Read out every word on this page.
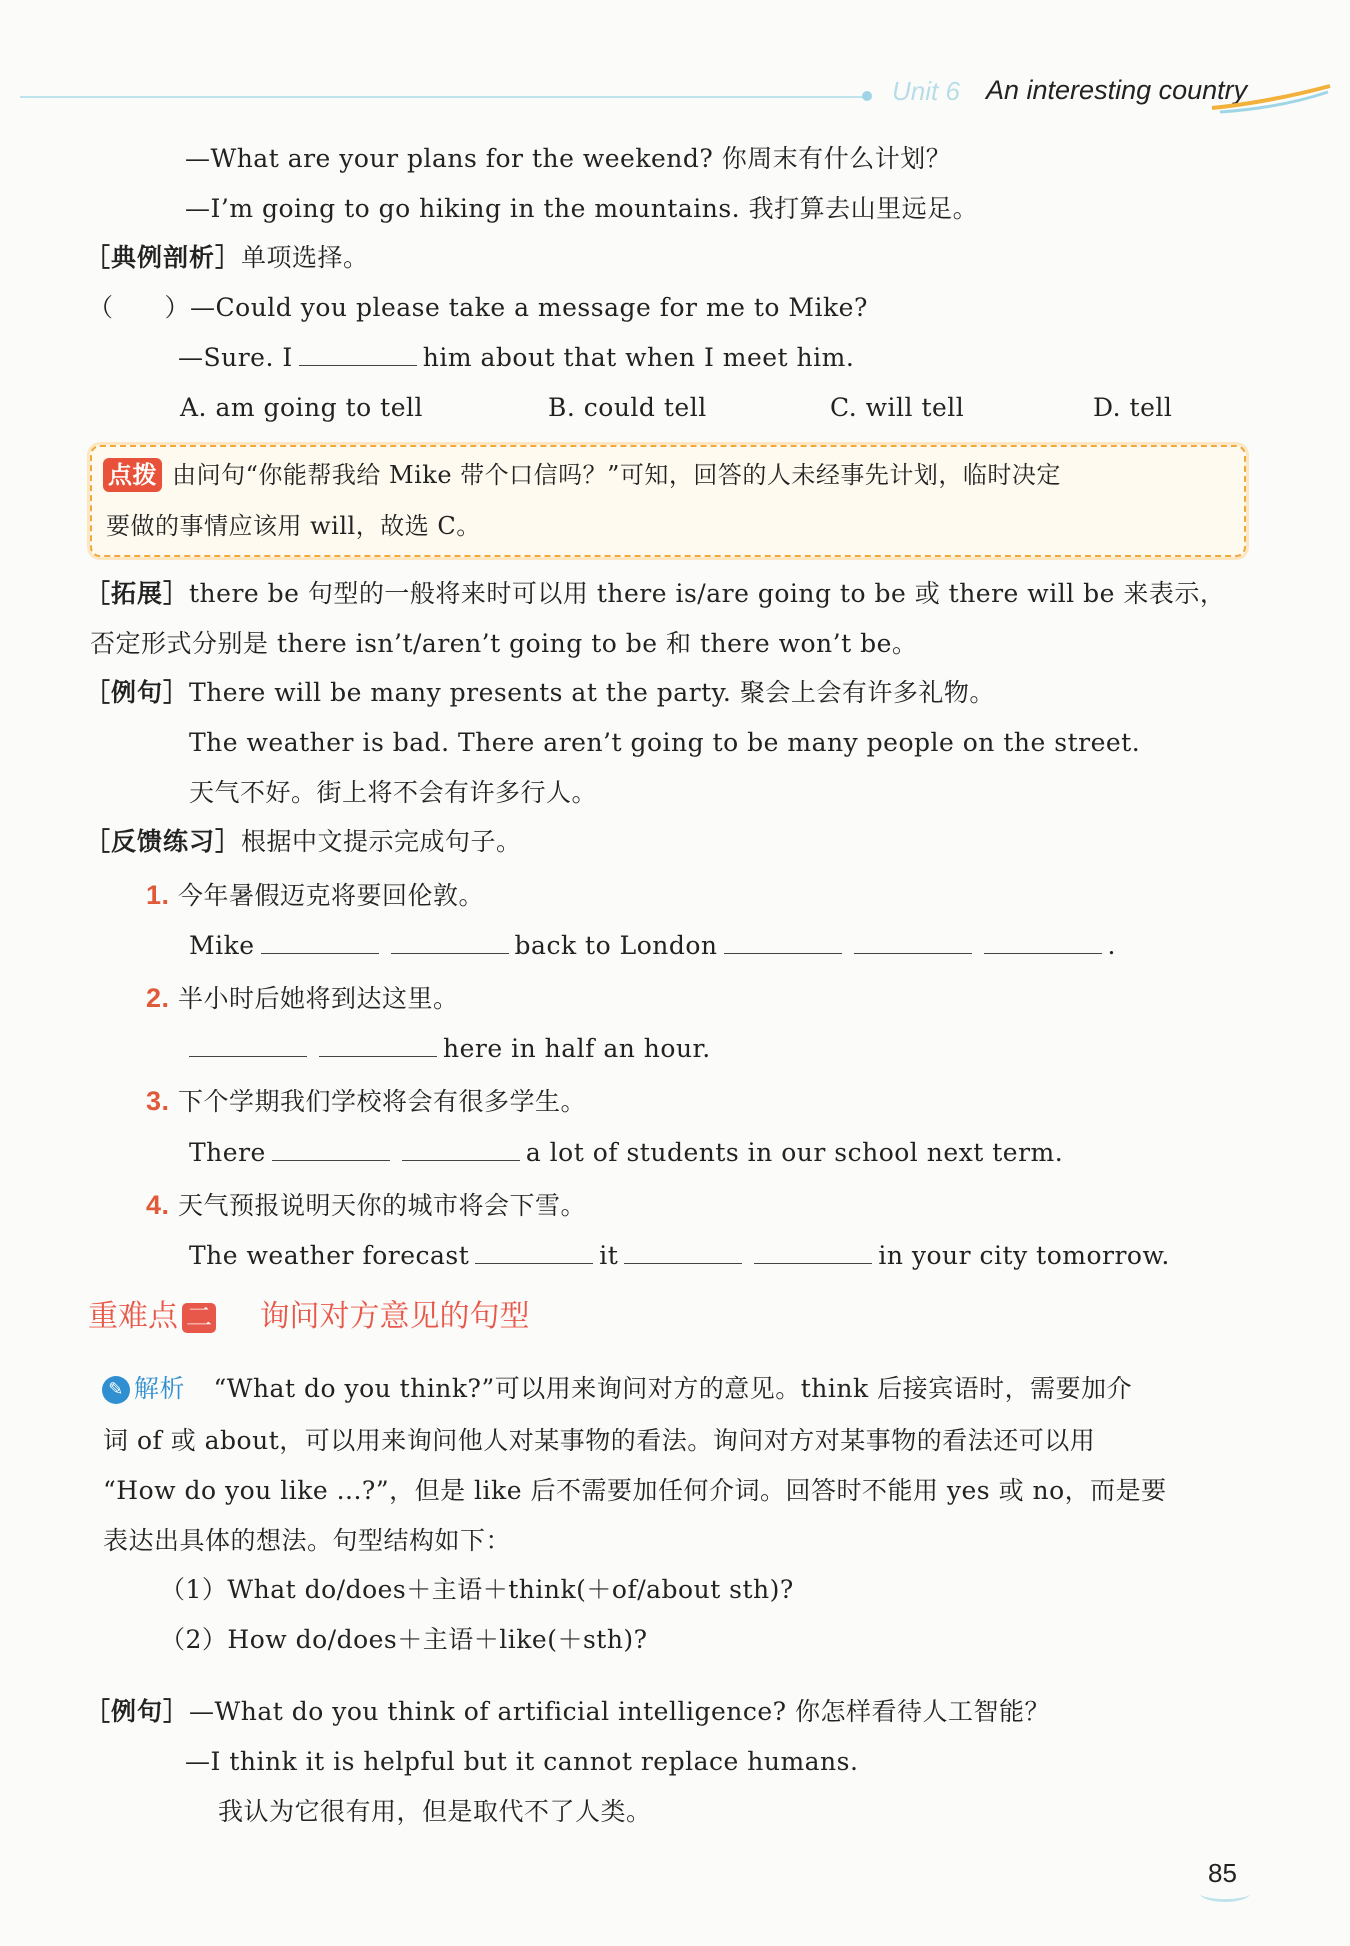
Unit 6 An interesting country
—What are your plans for the weekend? 你周末有什么计划？
—I’m going to go hiking in the mountains. 我打算去山里远足。
［典例剖析］单项选择。
（　　）—Could you please take a message for me to Mike?
—Sure. I	him about that when I meet him.
A. am going to tell	B. could tell	C. will tell	D. tell
点拨 由问句“你能帮我给 Mike 带个口信吗？”可知，回答的人未经事先计划，临时决定
要做的事情应该用 will，故选 C。
［拓展］there be 句型的一般将来时可以用 there is/are going to be 或 there will be 来表示，
否定形式分别是 there isn’t/aren’t going to be 和 there won’t be。
［例句］There will be many presents at the party. 聚会上会有许多礼物。
The weather is bad. There aren’t going to be many people on the street.
天气不好。街上将不会有许多行人。
［反馈练习］根据中文提示完成句子。
1. 今年暑假迈克将要回伦敦。
Mike	back to London	.
2. 半小时后她将到达这里。
here in half an hour.
3. 下个学期我们学校将会有很多学生。
There	a lot of students in our school next term.
4. 天气预报说明天你的城市将会下雪。
The weather forecast	it	in your city tomorrow.
重难点 二 询问对方意见的句型
✎ 解析 “What do you think?”可以用来询问对方的意见。think 后接宾语时，需要加介
词 of 或 about，可以用来询问他人对某事物的看法。询问对方对某事物的看法还可以用
“How do you like ...?”，但是 like 后不需要加任何介词。回答时不能用 yes 或 no，而是要
表达出具体的想法。句型结构如下：
（1）What do/does＋主语＋think(＋of/about sth)?
（2）How do/does＋主语＋like(＋sth)?
［例句］—What do you think of artificial intelligence? 你怎样看待人工智能？
—I think it is helpful but it cannot replace humans.
我认为它很有用，但是取代不了人类。
85
